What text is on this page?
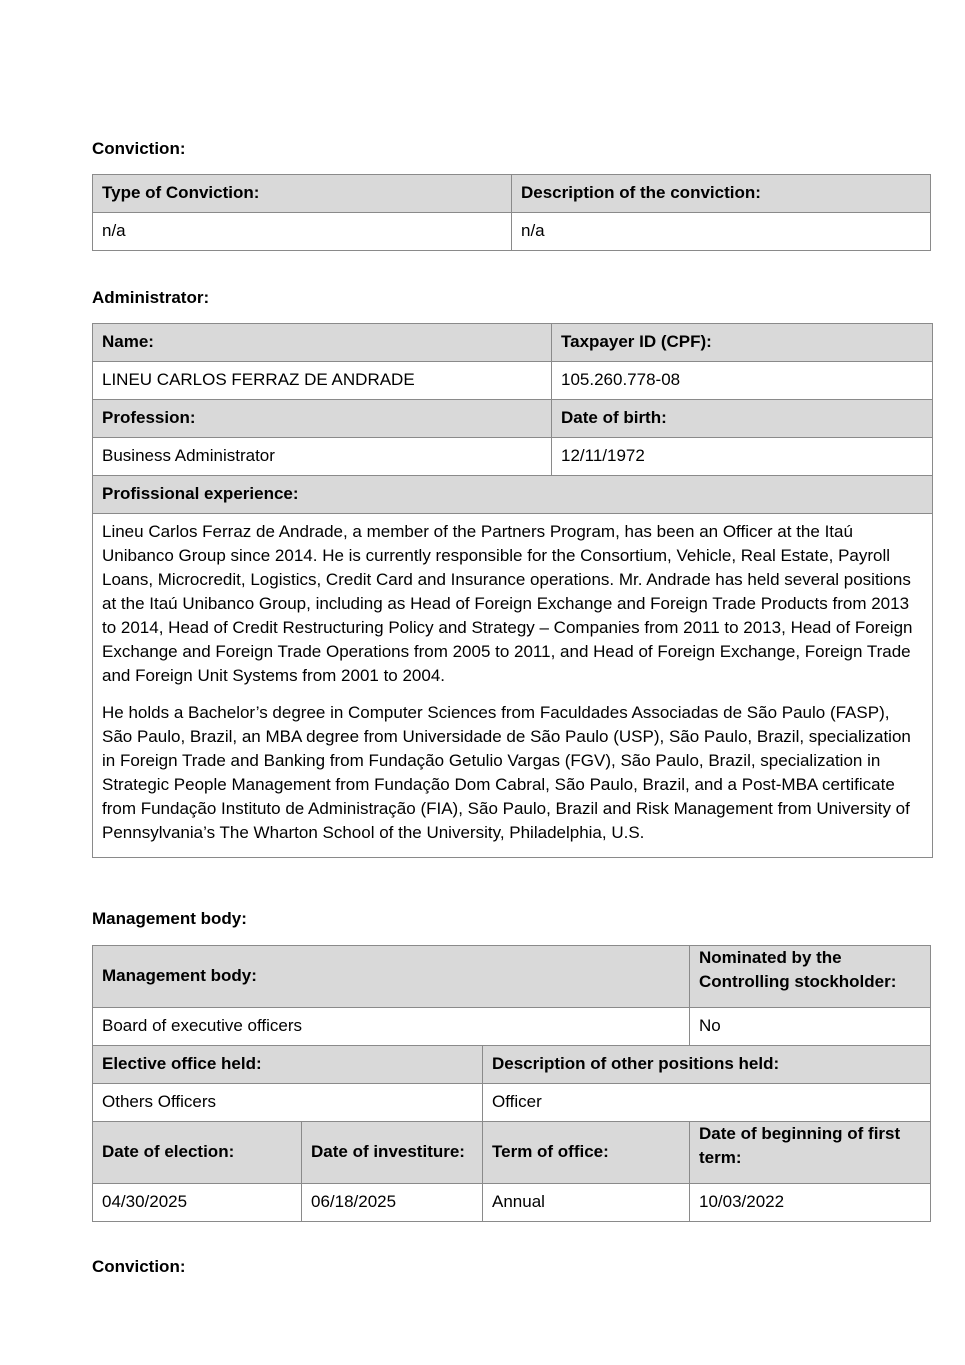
Conviction:
Type of Conviction:	Description of the conviction:
n/a	n/a
Administrator:
Name:	Taxpayer ID (CPF):
LINEU CARLOS FERRAZ DE ANDRADE	105.260.778-08
Profession:	Date of birth:
Business Administrator	12/11/1972
Profissional experience:	

Lineu Carlos Ferraz de Andrade, a member of the Partners Program, has been an Officer at the Itaú Unibanco Group since 2014. He is currently responsible for the Consortium, Vehicle, Real Estate, Payroll Loans, Microcredit, Logistics, Credit Card and Insurance operations. Mr. Andrade has held several positions at the Itaú Unibanco Group, including as Head of Foreign Exchange and Foreign Trade Products from 2013 to 2014, Head of Credit Restructuring Policy and Strategy – Companies from 2011 to 2013, Head of Foreign Exchange and Foreign Trade Operations from 2005 to 2011, and Head of Foreign Exchange, Foreign Trade and Foreign Unit Systems from 2001 to 2004.

He holds a Bachelor’s degree in Computer Sciences from Faculdades Associadas de São Paulo (FASP), São Paulo, Brazil, an MBA degree from Universidade de São Paulo (USP), São Paulo, Brazil, specialization in Foreign Trade and Banking from Fundação Getulio Vargas (FGV), São Paulo, Brazil, specialization in Strategic People Management from Fundação Dom Cabral, São Paulo, Brazil, and a Post-MBA certificate from Fundação Instituto de Administração (FIA), São Paulo, Brazil and Risk Management from University of Pennsylvania’s The Wharton School of the University, Philadelphia, U.S.	

Management body:
Management body:			Nominated by the Controlling stockholder:
Board of executive officers			No
Elective office held:		Description of other positions held:	
Others Officers		Officer	
Date of election:	Date of investiture:	Term of office:	Date of beginning of first term:
04/30/2025	06/18/2025	Annual	10/03/2022
Conviction:
